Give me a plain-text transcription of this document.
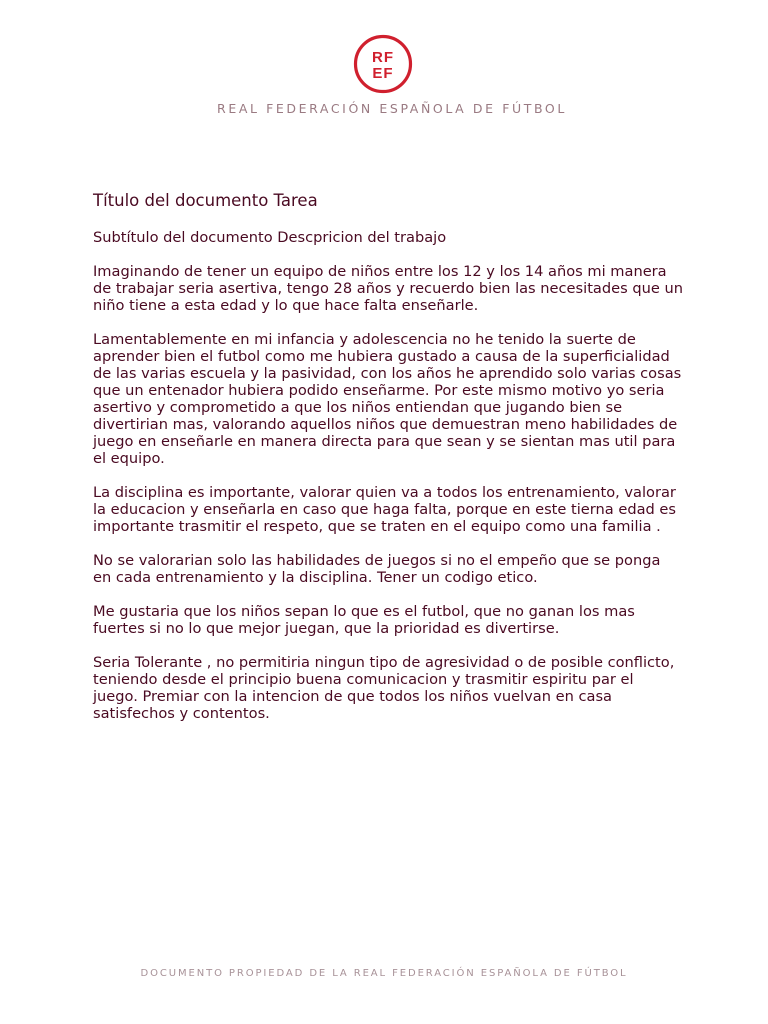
RF
EF
REAL FEDERACIÓN ESPAÑOLA DE FÚTBOL
Título del documento Tarea

Subtítulo del documento Descpricion del trabajo

Imaginando de tener un equipo de niños entre los 12 y los 14 años mi manera de trabajar seria asertiva, tengo 28 años y recuerdo bien las necesitades que un niño tiene a esta edad y lo que hace falta enseñarle.

Lamentablemente en mi infancia y adolescencia no he tenido la suerte de aprender bien el futbol como me hubiera gustado a causa de la superficialidad de las varias escuela y la pasividad, con los años he aprendido solo varias cosas que un entenador hubiera podido enseñarme. Por este mismo motivo yo seria asertivo y comprometido a que los niños entiendan que jugando bien se divertirian mas, valorando aquellos niños que demuestran meno habilidades de juego en enseñarle en manera directa para que sean y se sientan mas util para el equipo.

La disciplina es importante, valorar quien va a todos los entrenamiento, valorar la educacion y enseñarla en caso que haga falta, porque en este tierna edad es importante trasmitir el respeto, que se traten en el equipo como una familia .

No se valorarian solo las habilidades de juegos si no el empeño que se ponga en cada entrenamiento y la disciplina. Tener un codigo etico.

Me gustaria que los niños sepan lo que es el futbol, que no ganan los mas fuertes si no lo que mejor juegan, que la prioridad es divertirse.

Seria Tolerante , no permitiria ningun tipo de agresividad o de posible conflicto, teniendo desde el principio buena comunicacion y trasmitir espiritu par el juego. Premiar con la intencion de que todos los niños vuelvan en casa satisfechos y contentos.

DOCUMENTO PROPIEDAD DE LA REAL FEDERACIÓN ESPAÑOLA DE FÚTBOL
